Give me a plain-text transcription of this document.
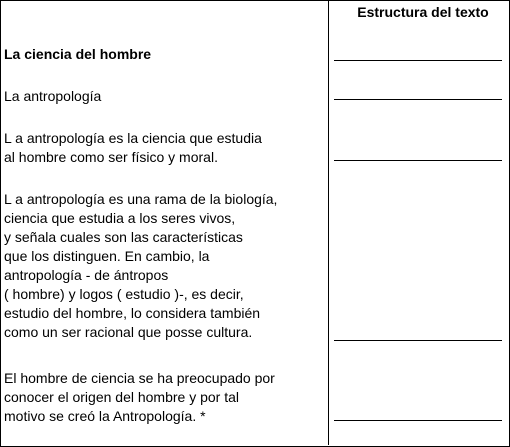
Estructura del texto
La ciencia del hombre
La antropología
L a antropología es la ciencia que estudia
al hombre como ser físico y moral.
L a antropología es una rama de la biología,
ciencia que estudia a los seres vivos,
y señala cuales son las características
que los distinguen. En cambio, la
antropología - de ántropos
( hombre) y logos ( estudio )-, es decir,
estudio del hombre, lo considera también
como un ser racional que posse cultura.
El hombre de ciencia se ha preocupado por
conocer el origen del hombre y por tal
motivo se creó la Antropología. *
